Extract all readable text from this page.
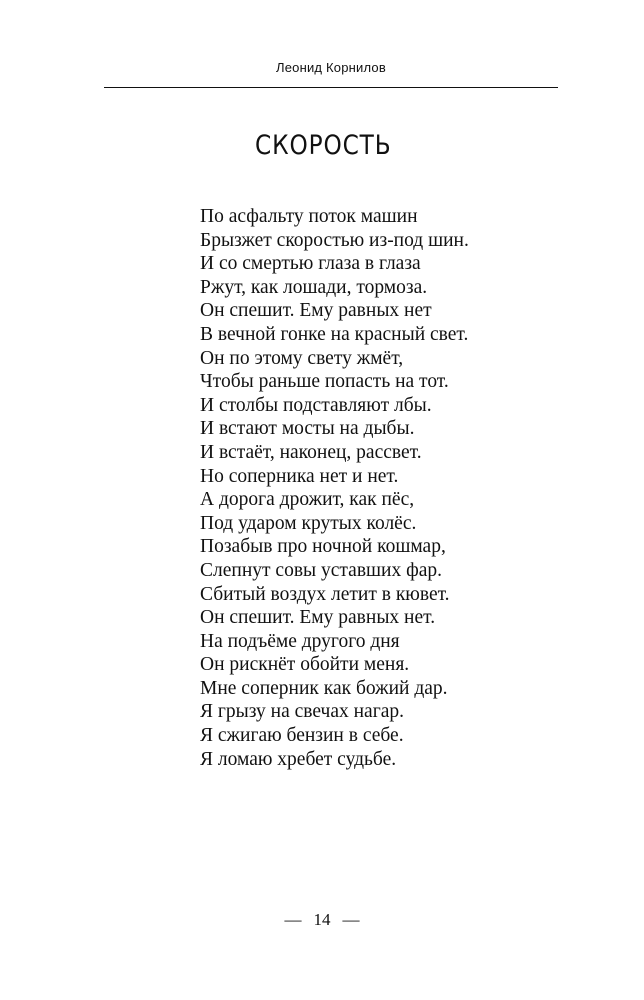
Леонид Корнилов
СКОРОСТЬ
По асфальту поток машин
Брызжет скоростью из-под шин.
И со смертью глаза в глаза
Ржут, как лошади, тормоза.
Он спешит. Ему равных нет
В вечной гонке на красный свет.
Он по этому свету жмёт,
Чтобы раньше попасть на тот.
И столбы подставляют лбы.
И встают мосты на дыбы.
И встаёт, наконец, рассвет.
Но соперника нет и нет.
А дорога дрожит, как пёс,
Под ударом крутых колёс.
Позабыв про ночной кошмар,
Слепнут совы уставших фар.
Сбитый воздух летит в кювет.
Он спешит. Ему равных нет.
На подъёме другого дня
Он рискнёт обойти меня.
Мне соперник как божий дар.
Я грызу на свечах нагар.
Я сжигаю бензин в себе.
Я ломаю хребет судьбе.
— 14 —
